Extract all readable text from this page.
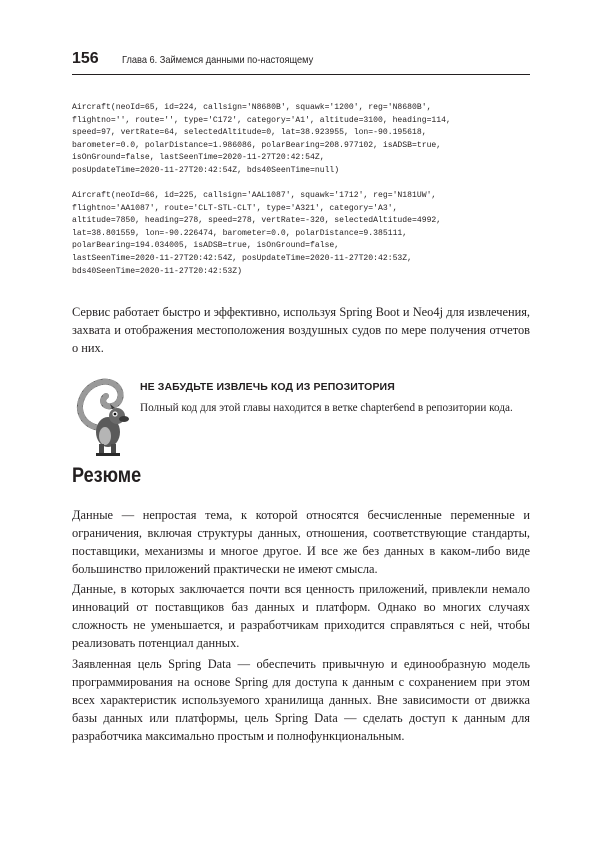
156 Глава 6. Займемся данными по-настоящему
Aircraft(neoId=65, id=224, callsign='N8680B', squawk='1200', reg='N8680B',
flightno='', route='', type='C172', category='A1', altitude=3100, heading=114,
speed=97, vertRate=64, selectedAltitude=0, lat=38.923955, lon=-90.195618,
barometer=0.0, polarDistance=1.986086, polarBearing=208.977102, isADSB=true,
isOnGround=false, lastSeenTime=2020-11-27T20:42:54Z,
posUpdateTime=2020-11-27T20:42:54Z, bds40SeenTime=null)
Aircraft(neoId=66, id=225, callsign='AAL1087', squawk='1712', reg='N181UW',
flightno='AA1087', route='CLT-STL-CLT', type='A321', category='A3',
altitude=7850, heading=278, speed=278, vertRate=-320, selectedAltitude=4992,
lat=38.801559, lon=-90.226474, barometer=0.0, polarDistance=9.385111,
polarBearing=194.034005, isADSB=true, isOnGround=false,
lastSeenTime=2020-11-27T20:42:54Z, posUpdateTime=2020-11-27T20:42:53Z,
bds40SeenTime=2020-11-27T20:42:53Z)

Сервис работает быстро и эффективно, используя Spring Boot и Neo4j для извлечения, захвата и отображения местоположения воздушных судов по мере получения отчетов о них.

НЕ ЗАБУДЬТЕ ИЗВЛЕЧЬ КОД ИЗ РЕПОЗИТОРИЯ
Полный код для этой главы находится в ветке chapter6end в репозитории кода.
Резюме

Данные — непростая тема, к которой относятся бесчисленные переменные и ограничения, включая структуры данных, отношения, соответствующие стандарты, поставщики, механизмы и многое другое. И все же без данных в каком-либо виде большинство приложений практически не имеют смысла.

Данные, в которых заключается почти вся ценность приложений, привлекли немало инноваций от поставщиков баз данных и платформ. Однако во многих случаях сложность не уменьшается, и разработчикам приходится справляться с ней, чтобы реализовать потенциал данных.

Заявленная цель Spring Data — обеспечить привычную и единообразную модель программирования на основе Spring для доступа к данным с сохранением при этом всех характеристик используемого хранилища данных. Вне зависимости от движка базы данных или платформы, цель Spring Data — сделать доступ к данным для разработчика максимально простым и полнофункциональным.
